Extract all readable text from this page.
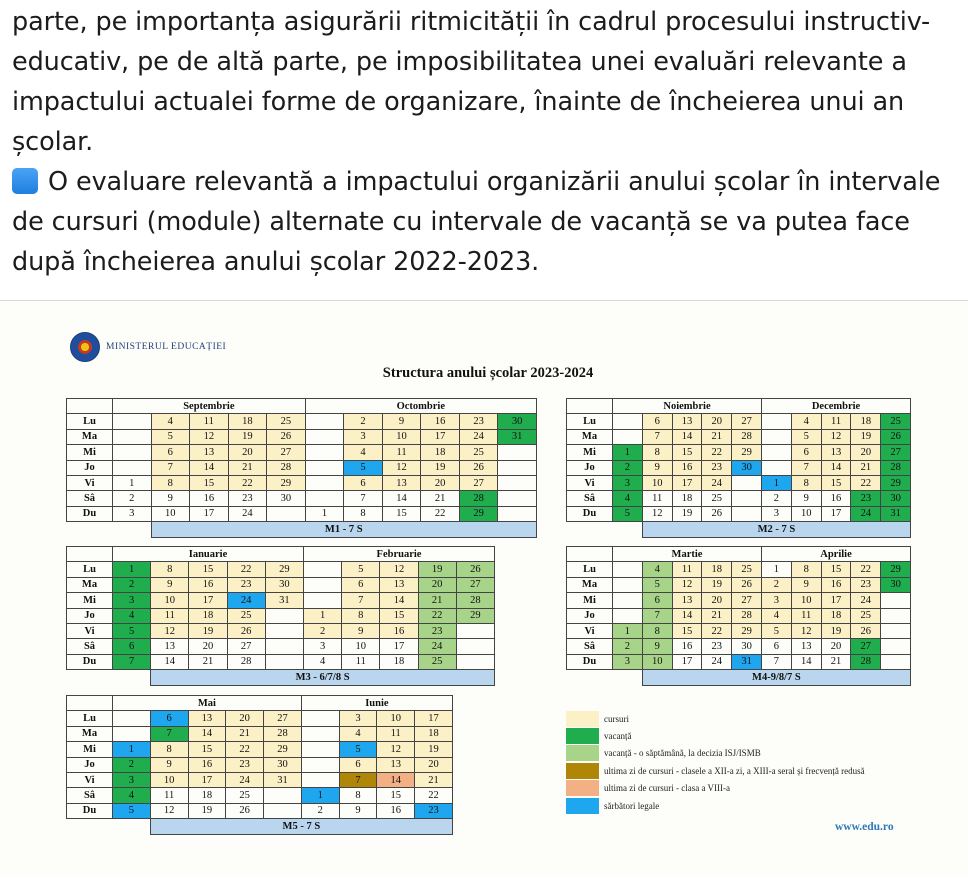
parte, pe importanța asigurării ritmicității în cadrul procesului instructiv-educativ, pe de altă parte, pe imposibilitatea unei evaluări relevante a impactului actualei forme de organizare, înainte de încheierea unui an școlar.

O evaluare relevantă a impactului organizării anului școlar în intervale de cursuri (module) alternate cu intervale de vacanță se va putea face după încheierea anului școlar 2022-2023.

MINISTERUL EDUCAȚIEI
Structura anului școlar 2023-2024
	Septembrie					Octombrie					
Lu		4	11	18	25		2	9	16	23	30
Ma		5	12	19	26		3	10	17	24	31
Mi		6	13	20	27		4	11	18	25	
Jo		7	14	21	28		5	12	19	26	
Vi	1	8	15	22	29		6	13	20	27	
Sâ	2	9	16	23	30		7	14	21	28	
Du	3	10	17	24		1	8	15	22	29	
		M1 - 7 S									
	Noiembrie					Decembrie				
Lu		6	13	20	27		4	11	18	25
Ma		7	14	21	28		5	12	19	26
Mi	1	8	15	22	29		6	13	20	27
Jo	2	9	16	23	30		7	14	21	28
Vi	3	10	17	24		1	8	15	22	29
Sâ	4	11	18	25		2	9	16	23	30
Du	5	12	19	26		3	10	17	24	31
		M2 - 7 S								
	Ianuarie					Februarie				
Lu	1	8	15	22	29		5	12	19	26
Ma	2	9	16	23	30		6	13	20	27
Mi	3	10	17	24	31		7	14	21	28
Jo	4	11	18	25		1	8	15	22	29
Vi	5	12	19	26		2	9	16	23	
Sâ	6	13	20	27		3	10	17	24	
Du	7	14	21	28		4	11	18	25	
		M3 - 6/7/8 S								
	Martie					Aprilie				
Lu		4	11	18	25	1	8	15	22	29
Ma		5	12	19	26	2	9	16	23	30
Mi		6	13	20	27	3	10	17	24	
Jo		7	14	21	28	4	11	18	25	
Vi	1	8	15	22	29	5	12	19	26	
Sâ	2	9	16	23	30	6	13	20	27	
Du	3	10	17	24	31	7	14	21	28	
		M4-9/8/7 S								
	Mai					Iunie			
Lu		6	13	20	27		3	10	17
Ma		7	14	21	28		4	11	18
Mi	1	8	15	22	29		5	12	19
Jo	2	9	16	23	30		6	13	20
Vi	3	10	17	24	31		7	14	21
Sâ	4	11	18	25		1	8	15	22
Du	5	12	19	26		2	9	16	23
		M5 - 7 S							
cursuri
vacanță
vacanță - o săptămână, la decizia ISJ/ISMB
ultima zi de cursuri - clasele a XII-a zi, a XIII-a seral și frecvență redusă
ultima zi de cursuri - clasa a VIII-a
sărbători legale
www.edu.ro
